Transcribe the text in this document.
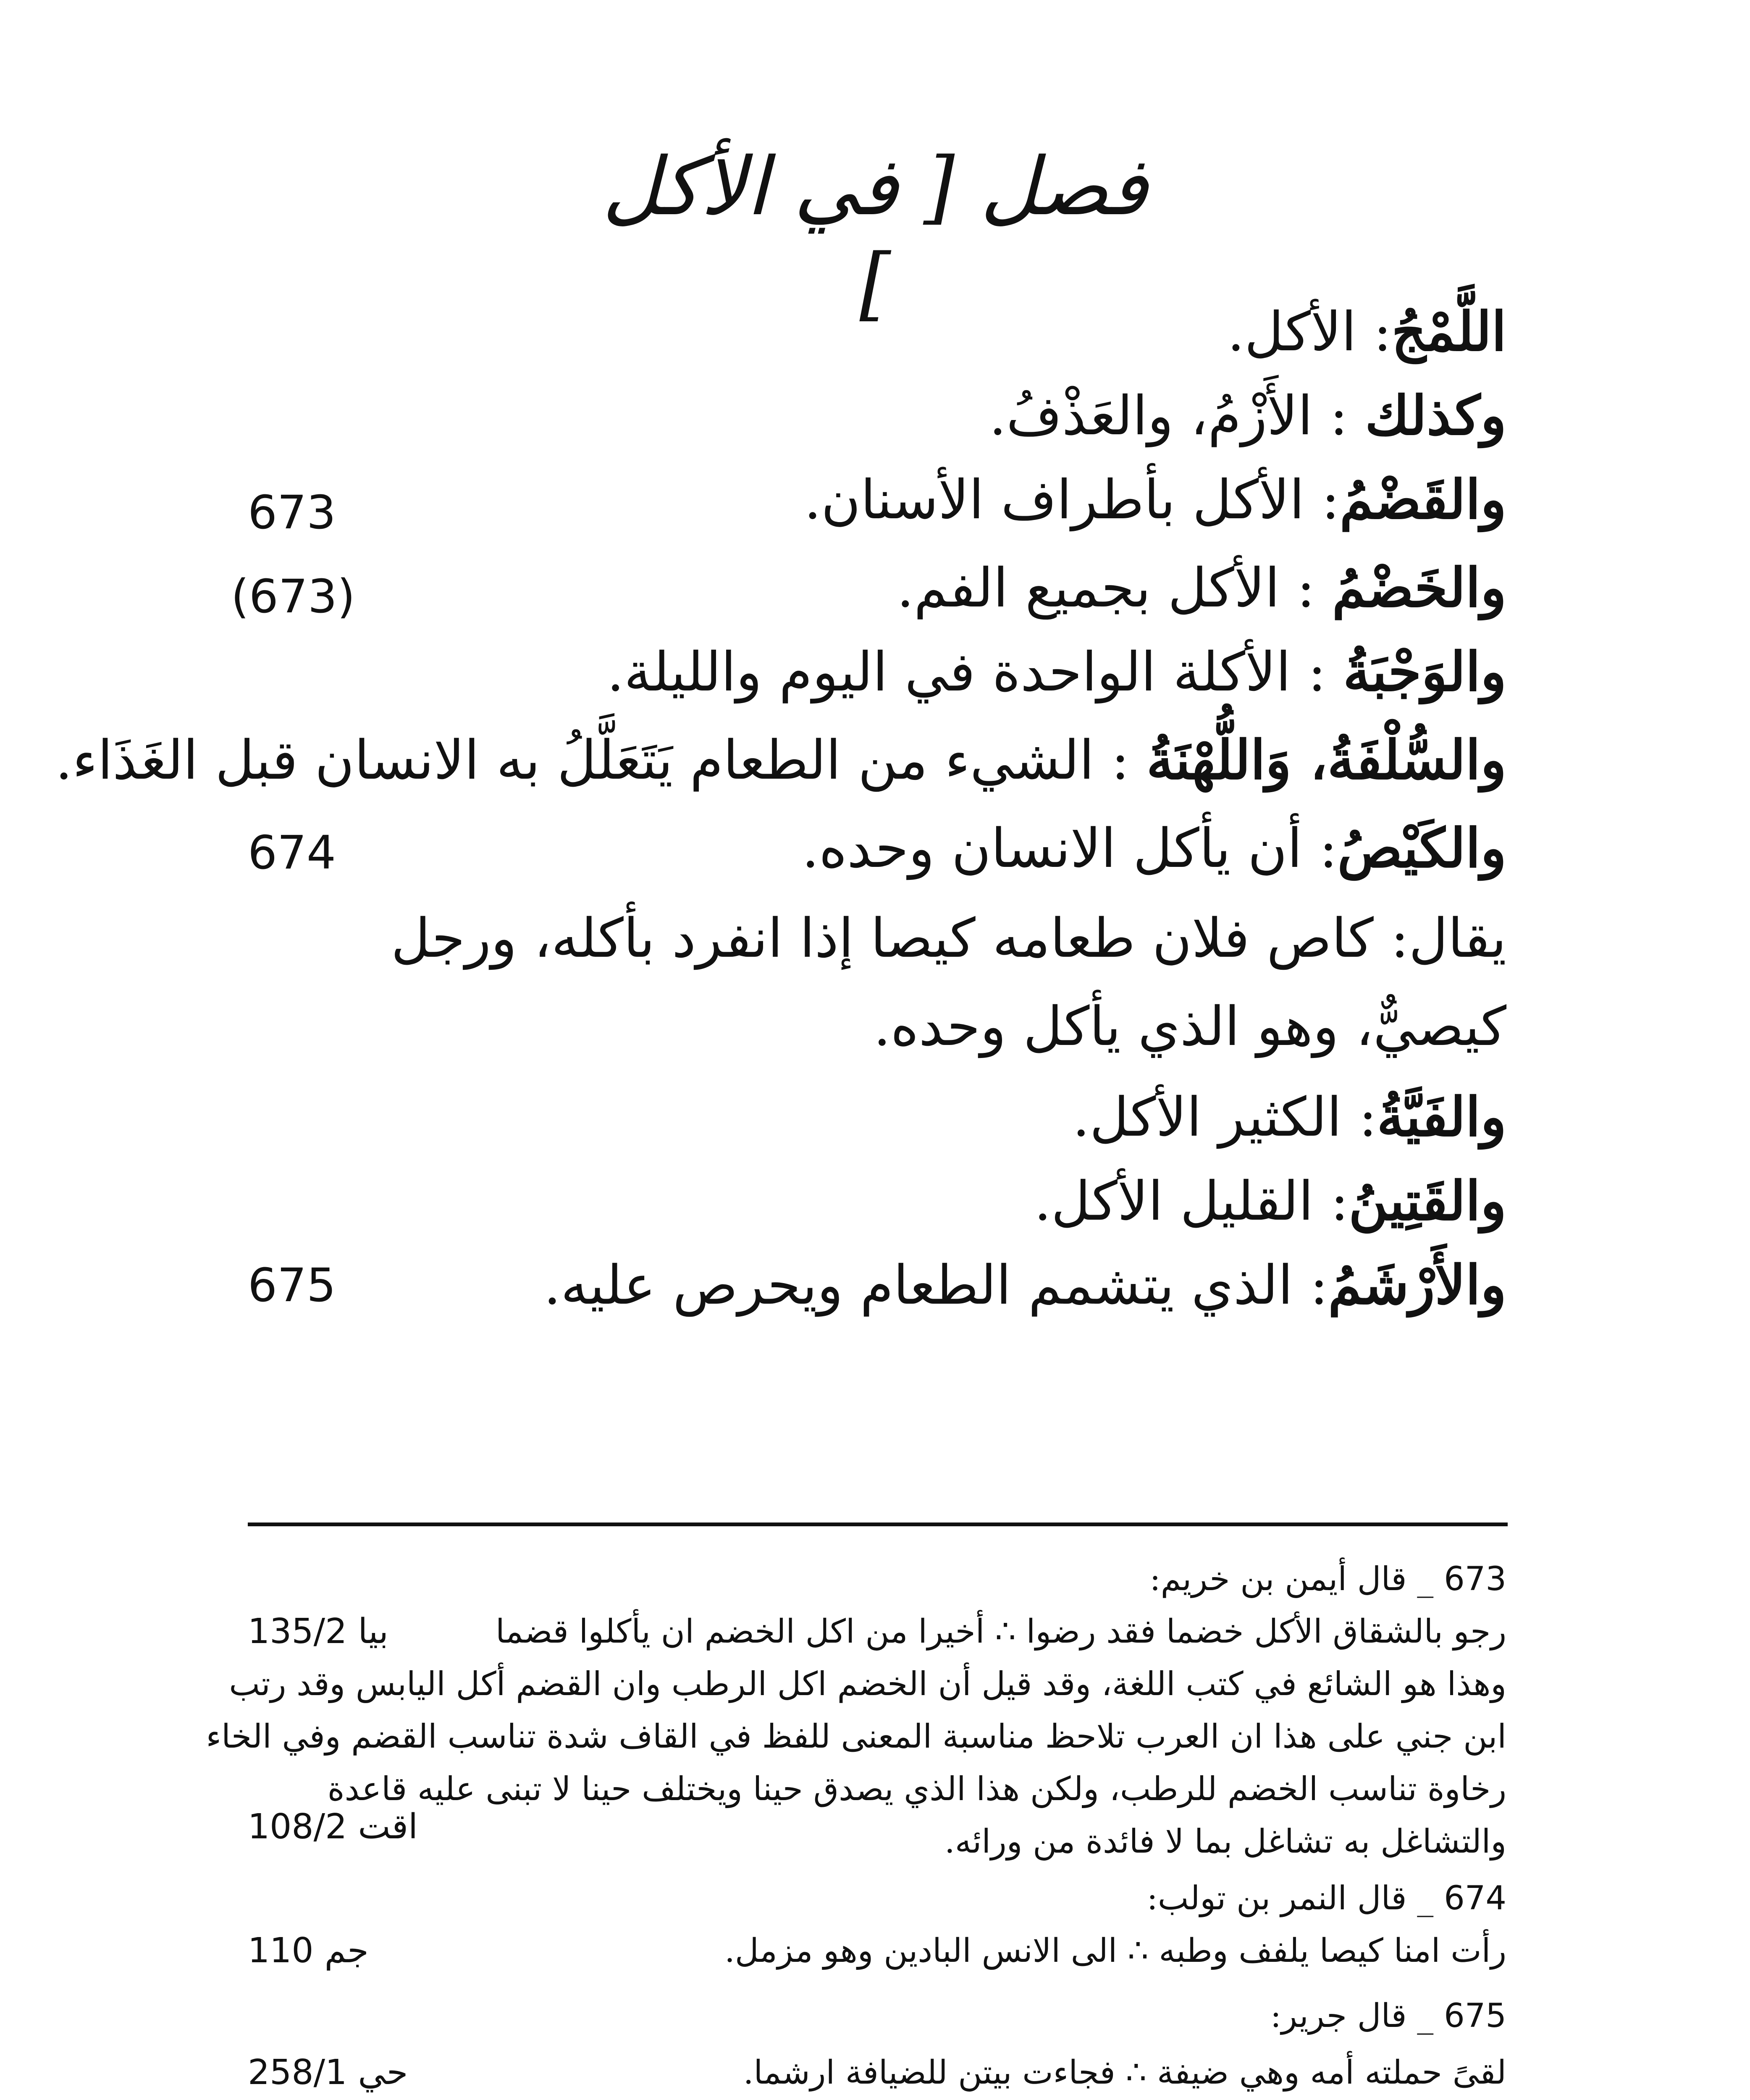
فصل [ في الأكل ]
اللَّمْجُ: الأكل.
وكذلك : الأَزْمُ، والعَذْفُ.
والقَضْمُ: الأكل بأطراف الأسنان.
673
والخَضْمُ : الأكل بجميع الفم.
(673)
والوَجْبَةُ : الأكلة الواحدة في اليوم والليلة.
والسُّلْفَةُ، وَاللُّهْنَةُ : الشيء من الطعام يَتَعَلَّلُ به الانسان قبل الغَذَاء.
والكَيْصُ: أن يأكل الانسان وحده.
674
يقال: كاص فلان طعامه كيصا إذا انفرد بأكله، ورجل كيصيٌّ، وهو الذي يأكل وحده.
والفَيَّةُ: الكثير الأكل.
والقَتِينُ: القليل الأكل.
والأَرْشَمُ: الذي يتشمم الطعام ويحرص عليه.
675
673 _ قال أيمن بن خريم:
رجو بالشقاق الأكل خضما فقد رضوا ∴ أخيرا من اكل الخضم ان يأكلوا قضما
بيا 135/2
وهذا هو الشائع في كتب اللغة، وقد قيل أن الخضم اكل الرطب وان القضم أكل اليابس وقد رتب
ابن جني على هذا ان العرب تلاحظ مناسبة المعنى للفظ في القاف شدة تناسب القضم وفي الخاء
رخاوة تناسب الخضم للرطب، ولكن هذا الذي يصدق حينا ويختلف حينا لا تبنى عليه قاعدة
والتشاغل به تشاغل بما لا فائدة من ورائه.
اقت 108/2
674 _ قال النمر بن تولب:
رأت امنا كيصا يلفف وطبه ∴ الى الانس البادين وهو مزمل.
جم 110
675 _ قال جرير:
لقىً حملته أمه وهي ضيفة ∴ فجاءت بيتن للضيافة ارشما.
حي 258/1
